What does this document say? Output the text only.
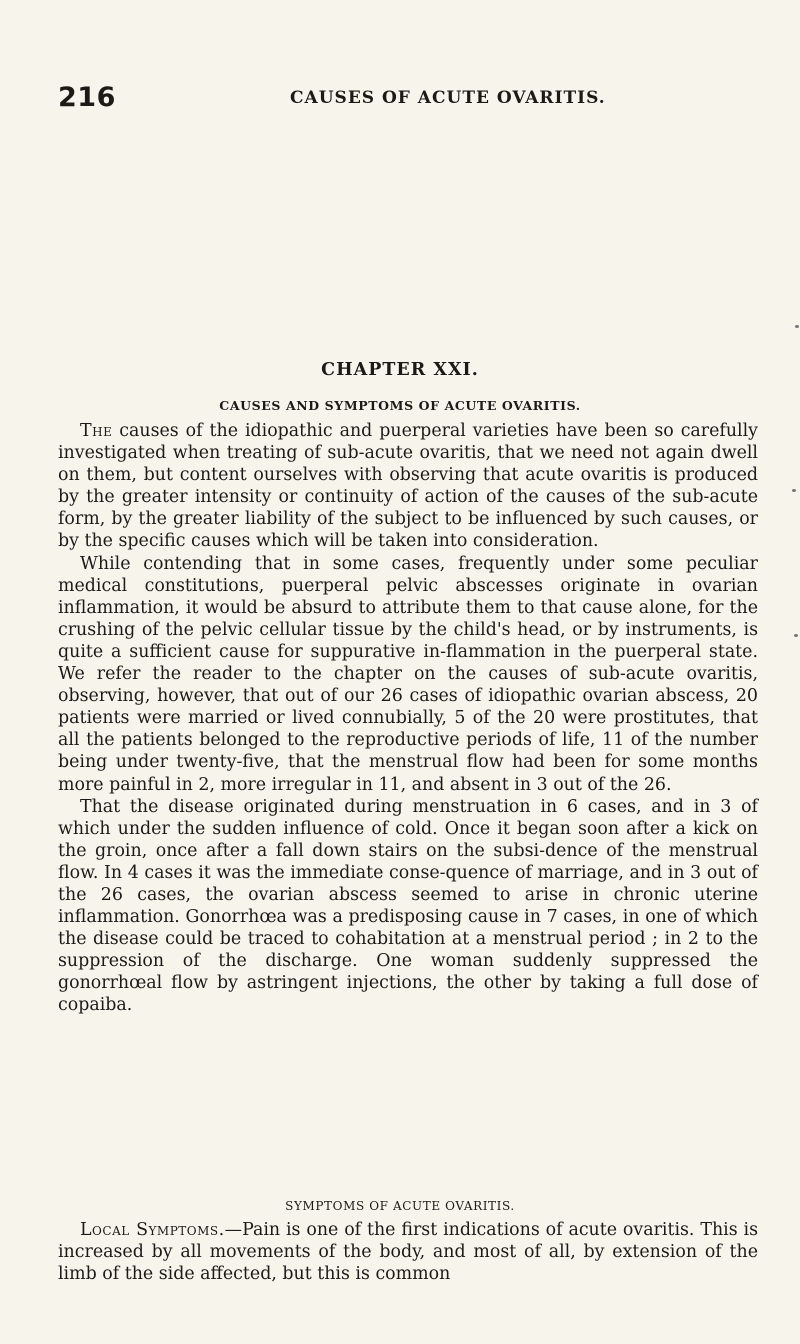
216	CAUSES OF ACUTE OVARITIS.
CHAPTER XXI.
CAUSES AND SYMPTOMS OF ACUTE OVARITIS.

The causes of the idiopathic and puerperal varieties have been so carefully investigated when treating of sub-acute ovaritis, that we need not again dwell on them, but content ourselves with observing that acute ovaritis is produced by the greater intensity or continuity of action of the causes of the sub-acute form, by the greater liability of the subject to be influenced by such causes, or by the specific causes which will be taken into consideration.

While contending that in some cases, frequently under some peculiar medical constitutions, puerperal pelvic abscesses originate in ovarian inflammation, it would be absurd to attribute them to that cause alone, for the crushing of the pelvic cellular tissue by the child's head, or by instruments, is quite a sufficient cause for suppurative in-flammation in the puerperal state. We refer the reader to the chapter on the causes of sub-acute ovaritis, observing, however, that out of our 26 cases of idiopathic ovarian abscess, 20 patients were married or lived connubially, 5 of the 20 were prostitutes, that all the patients belonged to the reproductive periods of life, 11 of the number being under twenty-five, that the menstrual flow had been for some months more painful in 2, more irregular in 11, and absent in 3 out of the 26.

That the disease originated during menstruation in 6 cases, and in 3 of which under the sudden influence of cold. Once it began soon after a kick on the groin, once after a fall down stairs on the subsi-dence of the menstrual flow. In 4 cases it was the immediate conse-quence of marriage, and in 3 out of the 26 cases, the ovarian abscess seemed to arise in chronic uterine inflammation. Gonorrhœa was a predisposing cause in 7 cases, in one of which the disease could be traced to cohabitation at a menstrual period ; in 2 to the suppression of the discharge. One woman suddenly suppressed the gonorrhœal flow by astringent injections, the other by taking a full dose of copaiba.

SYMPTOMS OF ACUTE OVARITIS.

Local Symptoms.—Pain is one of the first indications of acute ovaritis. This is increased by all movements of the body, and most of all, by extension of the limb of the side affected, but this is common
